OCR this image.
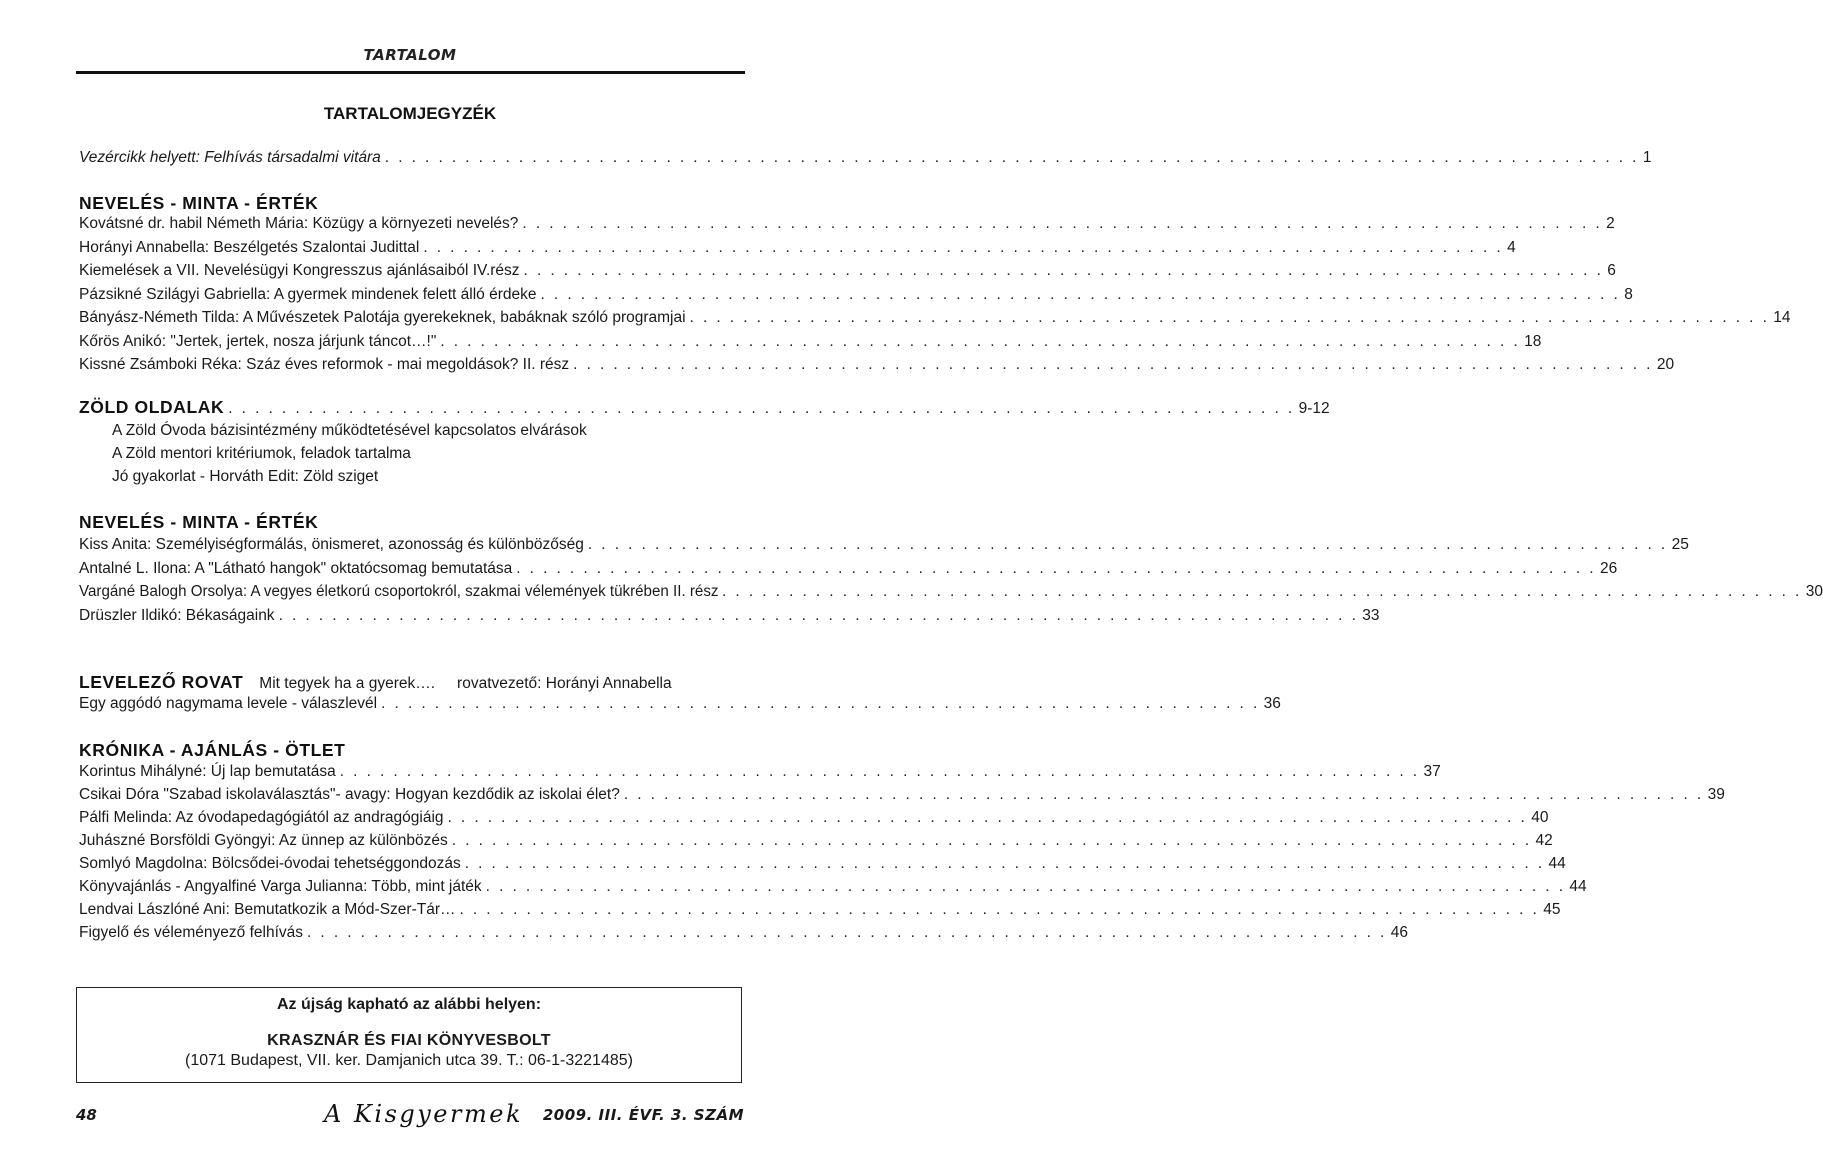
TARTALOM
TARTALOMJEGYZÉK
Vezércikk helyett: Felhívás társadalmi vitára . . . . . . . . . . . . . . . . . . . . . . . . . . . . . . . . . . . . . . . . . . . . . . . . . . . . . . . . . . . . . . . . . . . . . . . . . . . . . . . . . . . . . . . . . . . . . . 1
NEVELÉS - MINTA - ÉRTÉK
Kovátsné dr. habil Németh Mária: Közügy a környezeti nevelés? . . . . . . . . . . . . . . . . . . . . . . . . . . . . . . . . . . . . . . . . . . . . . . . . . . . . . . . . . . . . . . . . . . . . . . . . . . . . . . . . . 2
Horányi Annabella: Beszélgetés Szalontai Judittal . . . . . . . . . . . . . . . . . . . . . . . . . . . . . . . . . . . . . . . . . . . . . . . . . . . . . . . . . . . . . . . . . . . . . . . . . . . . . . . . . 4
Kiemelések a VII. Nevelésügyi Kongresszus ajánlásaiból IV.rész . . . . . . . . . . . . . . . . . . . . . . . . . . . . . . . . . . . . . . . . . . . . . . . . . . . . . . . . . . . . . . . . . . . . . . . . . . . . . . . . . 6
Pázsikné Szilágyi Gabriella: A gyermek mindenek felett álló érdeke . . . . . . . . . . . . . . . . . . . . . . . . . . . . . . . . . . . . . . . . . . . . . . . . . . . . . . . . . . . . . . . . . . . . . . . . . . . . . . . . . 8
Bányász-Németh Tilda: A Művészetek Palotája gyerekeknek, babáknak szóló programjai . . . . . . . . . . . . . . . . . . . . . . . . . . . . . . . . . . . . . . . . . . . . . . . . . . . . . . . . . . . . . . . . . . . . . . . . . . . . . . . . . 14
Kőrös Anikó: "Jertek, jertek, nosza járjunk táncot…!" . . . . . . . . . . . . . . . . . . . . . . . . . . . . . . . . . . . . . . . . . . . . . . . . . . . . . . . . . . . . . . . . . . . . . . . . . . . . . . . . . 18
Kissné Zsámboki Réka: Száz éves reformok - mai megoldások? II. rész . . . . . . . . . . . . . . . . . . . . . . . . . . . . . . . . . . . . . . . . . . . . . . . . . . . . . . . . . . . . . . . . . . . . . . . . . . . . . . . . . 20
ZÖLD OLDALAK . . . . . . . . . . . . . . . . . . . . . . . . . . . . . . . . . . . . . . . . . . . . . . . . . . . . . . . . . . . . . . . . . . . . . . . . . . . . . . . . 9-12
A Zöld Óvoda bázisintézmény működtetésével kapcsolatos elvárások
A Zöld mentori kritériumok, feladok tartalma
Jó gyakorlat - Horváth Edit: Zöld sziget
NEVELÉS - MINTA - ÉRTÉK
Kiss Anita: Személyiségformálás, önismeret, azonosság és különbözőség . . . . . . . . . . . . . . . . . . . . . . . . . . . . . . . . . . . . . . . . . . . . . . . . . . . . . . . . . . . . . . . . . . . . . . . . . . . . . . . . . 25
Antalné L. Ilona: A "Látható hangok" oktatócsomag bemutatása . . . . . . . . . . . . . . . . . . . . . . . . . . . . . . . . . . . . . . . . . . . . . . . . . . . . . . . . . . . . . . . . . . . . . . . . . . . . . . . . . 26
Vargáné Balogh Orsolya: A vegyes életkorú csoportokról, szakmai vélemények tükrében II. rész . . . . . . . . . . . . . . . . . . . . . . . . . . . . . . . . . . . . . . . . . . . . . . . . . . . . . . . . . . . . . . . . . . . . . . . . . . . . . . . . . 30
Drüszler Ildikó: Békaságaink . . . . . . . . . . . . . . . . . . . . . . . . . . . . . . . . . . . . . . . . . . . . . . . . . . . . . . . . . . . . . . . . . . . . . . . . . . . . . . . . . 33
LEVELEZŐ ROVAT Mit tegyek ha a gyerek…. rovatvezető: Horányi Annabella
Egy aggódó nagymama levele - válaszlevél . . . . . . . . . . . . . . . . . . . . . . . . . . . . . . . . . . . . . . . . . . . . . . . . . . . . . . . . . . . . . . . . . . 36
KRÓNIKA - AJÁNLÁS - ÖTLET
Korintus Mihályné: Új lap bemutatása . . . . . . . . . . . . . . . . . . . . . . . . . . . . . . . . . . . . . . . . . . . . . . . . . . . . . . . . . . . . . . . . . . . . . . . . . . . . . . . . . 37
Csikai Dóra "Szabad iskolaválasztás"- avagy: Hogyan kezdődik az iskolai élet? . . . . . . . . . . . . . . . . . . . . . . . . . . . . . . . . . . . . . . . . . . . . . . . . . . . . . . . . . . . . . . . . . . . . . . . . . . . . . . . . . 39
Pálfi Melinda: Az óvodapedagógiától az andragógiáig . . . . . . . . . . . . . . . . . . . . . . . . . . . . . . . . . . . . . . . . . . . . . . . . . . . . . . . . . . . . . . . . . . . . . . . . . . . . . . . . . 40
Juhászné Borsföldi Gyöngyi: Az ünnep az különbözés . . . . . . . . . . . . . . . . . . . . . . . . . . . . . . . . . . . . . . . . . . . . . . . . . . . . . . . . . . . . . . . . . . . . . . . . . . . . . . . . . 42
Somlyó Magdolna: Bölcsődei-óvodai tehetséggondozás . . . . . . . . . . . . . . . . . . . . . . . . . . . . . . . . . . . . . . . . . . . . . . . . . . . . . . . . . . . . . . . . . . . . . . . . . . . . . . . . . 44
Könyvajánlás - Angyalfiné Varga Julianna: Több, mint játék . . . . . . . . . . . . . . . . . . . . . . . . . . . . . . . . . . . . . . . . . . . . . . . . . . . . . . . . . . . . . . . . . . . . . . . . . . . . . . . . . 44
Lendvai Lászlóné Ani: Bemutatkozik a Mód-Szer-Tár… . . . . . . . . . . . . . . . . . . . . . . . . . . . . . . . . . . . . . . . . . . . . . . . . . . . . . . . . . . . . . . . . . . . . . . . . . . . . . . . . . 45
Figyelő és véleményező felhívás . . . . . . . . . . . . . . . . . . . . . . . . . . . . . . . . . . . . . . . . . . . . . . . . . . . . . . . . . . . . . . . . . . . . . . . . . . . . . . . . . 46
Az újság kapható az alábbi helyen:
KRASZNÁR ÉS FIAI KÖNYVESBOLT
(1071 Budapest, VII. ker. Damjanich utca 39. T.: 06-1-3221485)
48	A Kisgyermek 2009. III. ÉVF. 3. SZÁM
